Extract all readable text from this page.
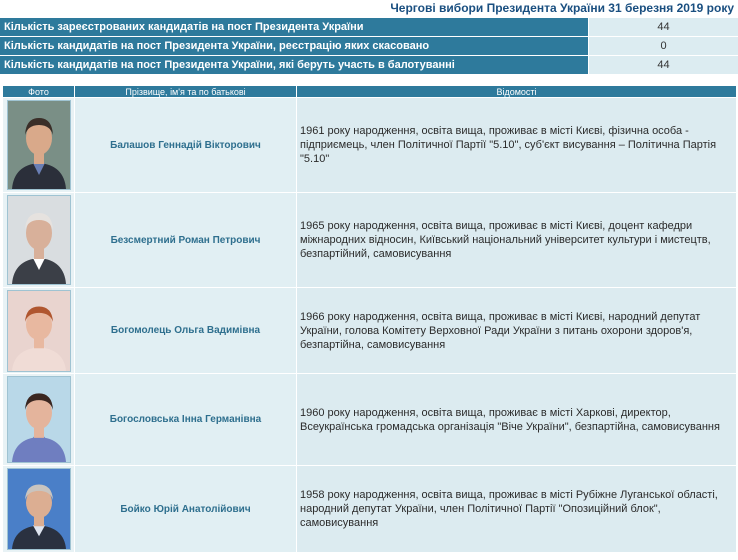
Чергові вибори Президента України 31 березня 2019 року
Кількість зареєстрованих кандидатів на пост Президента України	44
Кількість кандидатів на пост Президента України, реєстрацію яких скасовано	0
Кількість кандидатів на пост Президента України, які беруть участь в балотуванні	44
Фото	Прізвище, ім'я та по батькові	Відомості

	Балашов Геннадій Вікторович	1961 року народження, освіта вища, проживає в місті Києві, фізична особа - підприємець, член Політичної Партії "5.10", суб'єкт висування – Політична Партія "5.10"

	Безсмертний Роман Петрович	1965 року народження, освіта вища, проживає в місті Києві, доцент кафедри міжнародних відносин, Київський національний університет культури і мистецтв, безпартійний, самовисування

	Богомолець Ольга Вадимівна	1966 року народження, освіта вища, проживає в місті Києві, народний депутат України, голова Комітету Верховної Ради України з питань охорони здоров'я, безпартійна, самовисування

	Богословська Інна Германівна	1960 року народження, освіта вища, проживає в місті Харкові, директор, Всеукраїнська громадська організація "Віче України", безпартійна, самовисування

	Бойко Юрій Анатолійович	1958 року народження, освіта вища, проживає в місті Рубіжне Луганської області, народний депутат України, член Політичної Партії "Опозиційний блок", самовисування
